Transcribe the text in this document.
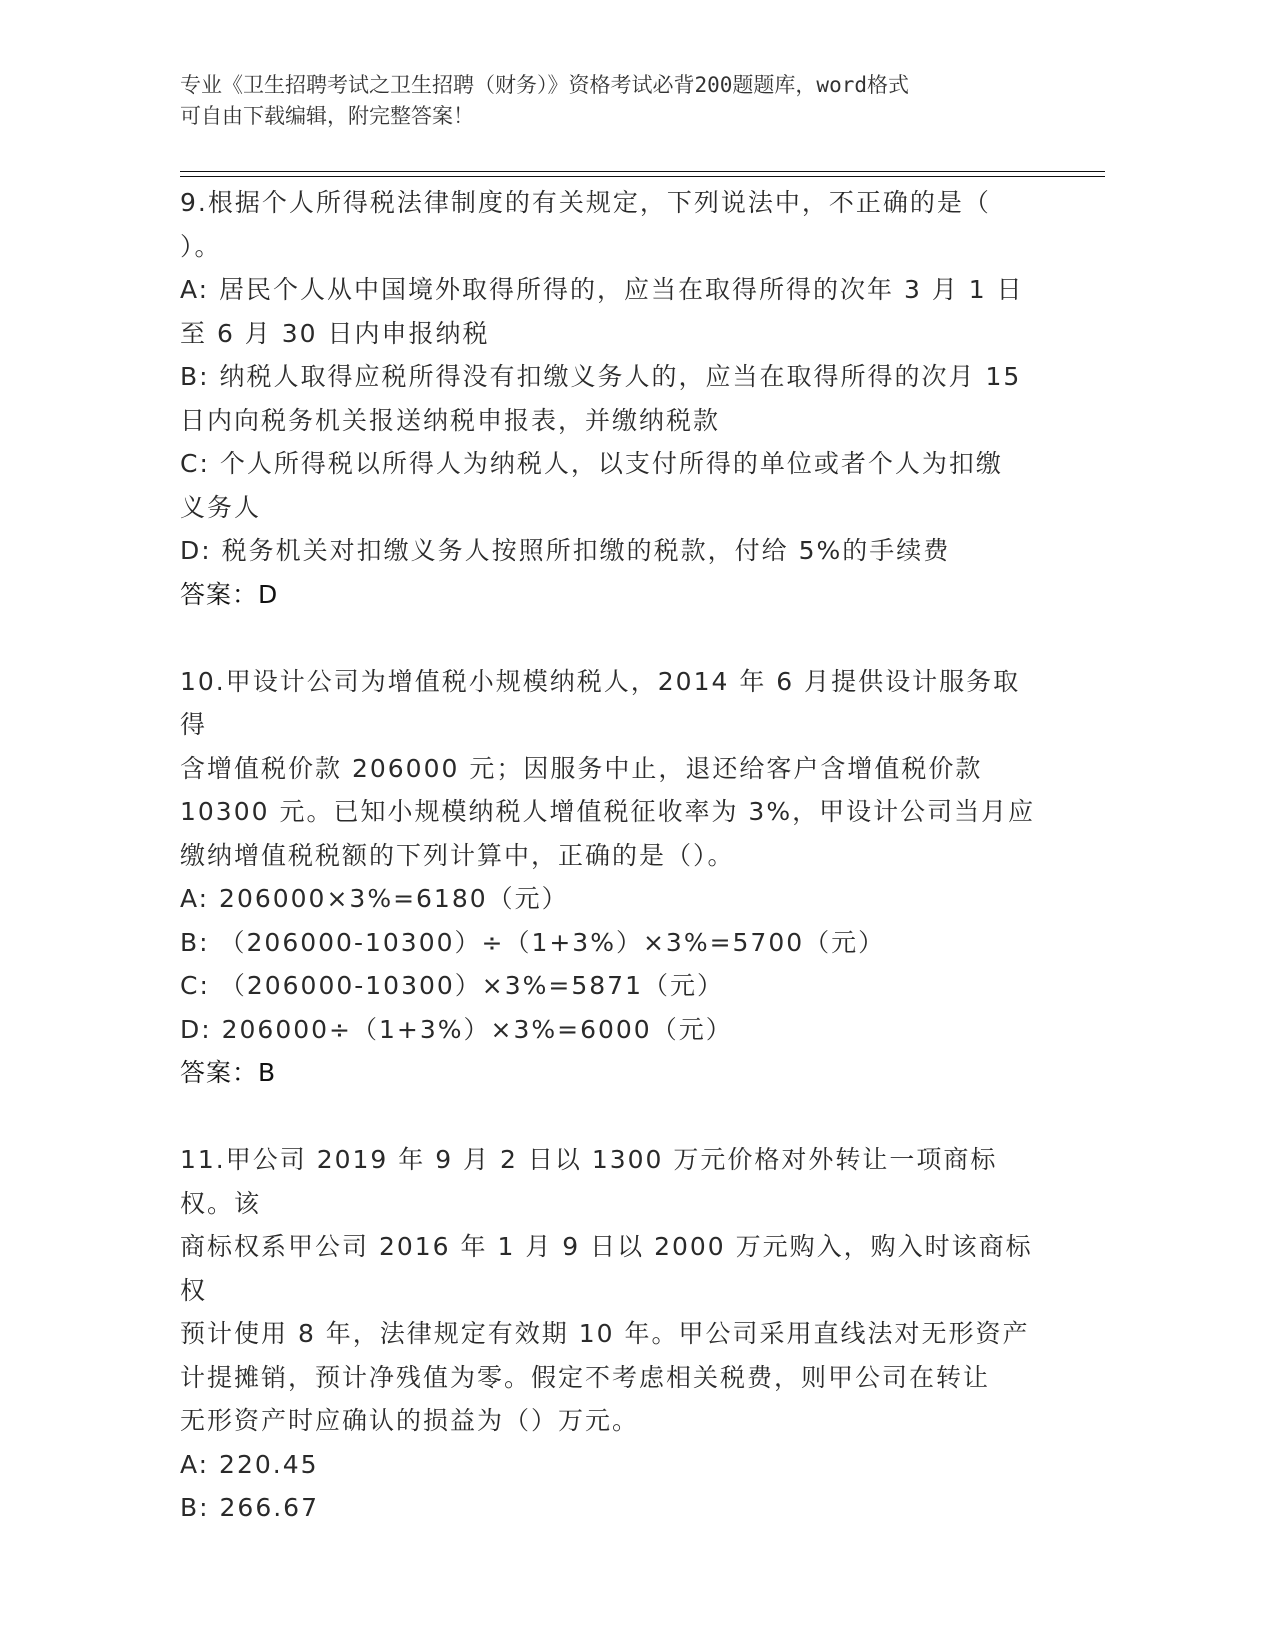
专业《卫生招聘考试之卫生招聘（财务）》资格考试必背200题题库，word格式
可自由下载编辑，附完整答案！

9.根据个人所得税法律制度的有关规定，下列说法中，不正确的是（

）。

A: 居民个人从中国境外取得所得的，应当在取得所得的次年 3 月 1 日

至 6 月 30 日内申报纳税

B: 纳税人取得应税所得没有扣缴义务人的，应当在取得所得的次月 15

日内向税务机关报送纳税申报表，并缴纳税款

C: 个人所得税以所得人为纳税人，以支付所得的单位或者个人为扣缴

义务人

D: 税务机关对扣缴义务人按照所扣缴的税款，付给 5%的手续费

答案：D

10.甲设计公司为增值税小规模纳税人，2014 年 6 月提供设计服务取得

含增值税价款 206000 元；因服务中止，退还给客户含增值税价款

10300 元。已知小规模纳税人增值税征收率为 3%，甲设计公司当月应

缴纳增值税税额的下列计算中，正确的是（）。

A: 206000×3%=6180（元）

B: （206000-10300）÷（1+3%）×3%=5700（元）

C: （206000-10300）×3%=5871（元）

D: 206000÷（1+3%）×3%=6000（元）

答案：B

11.甲公司 2019 年 9 月 2 日以 1300 万元价格对外转让一项商标权。该

商标权系甲公司 2016 年 1 月 9 日以 2000 万元购入，购入时该商标权

预计使用 8 年，法律规定有效期 10 年。甲公司采用直线法对无形资产

计提摊销，预计净残值为零。假定不考虑相关税费，则甲公司在转让

无形资产时应确认的损益为（）万元。

A: 220.45

B: 266.67
